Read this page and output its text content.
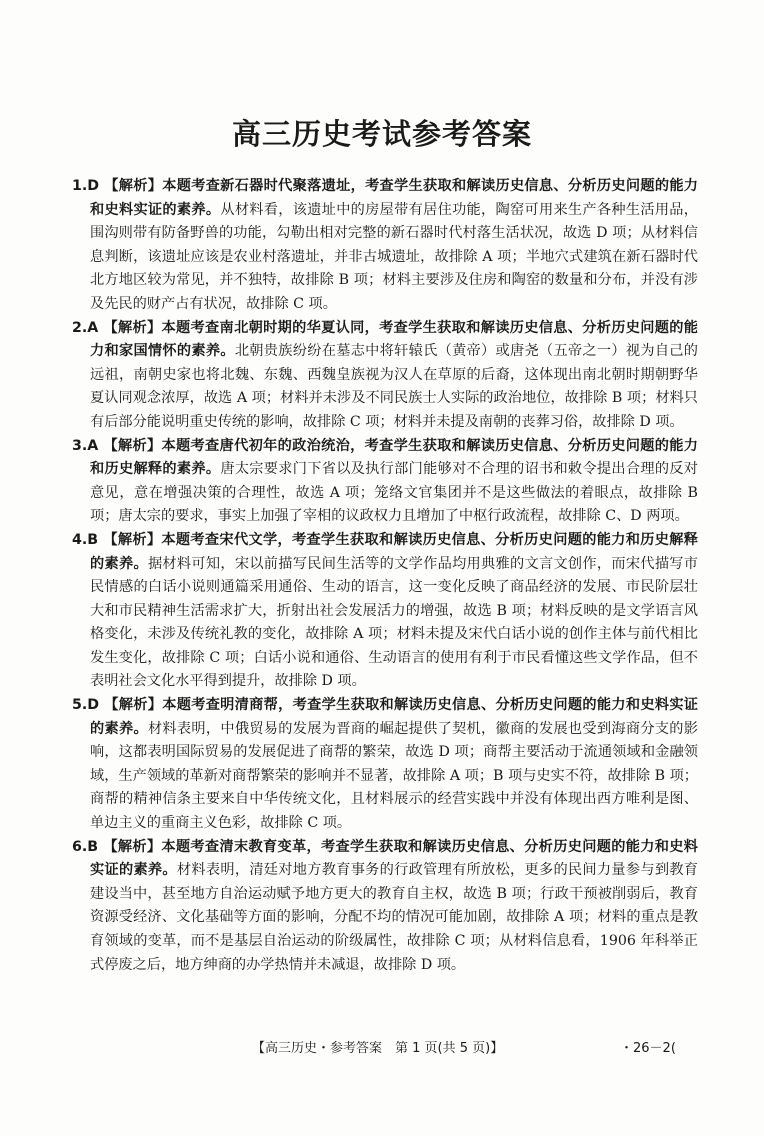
高三历史考试参考答案

1.D 【解析】本题考查新石器时代聚落遗址，考查学生获取和解读历史信息、分析历史问题的能力和史料实证的素养。从材料看，该遗址中的房屋带有居住功能，陶窑可用来生产各种生活用品，围沟则带有防备野兽的功能，勾勒出相对完整的新石器时代村落生活状况，故选 D 项；从材料信息判断，该遗址应该是农业村落遗址，并非古城遗址，故排除 A 项；半地穴式建筑在新石器时代北方地区较为常见，并不独特，故排除 B 项；材料主要涉及住房和陶窑的数量和分布，并没有涉及先民的财产占有状况，故排除 C 项。

2.A 【解析】本题考查南北朝时期的华夏认同，考查学生获取和解读历史信息、分析历史问题的能力和家国情怀的素养。北朝贵族纷纷在墓志中将轩辕氏（黄帝）或唐尧（五帝之一）视为自己的远祖，南朝史家也将北魏、东魏、西魏皇族视为汉人在草原的后裔，这体现出南北朝时期朝野华夏认同观念浓厚，故选 A 项；材料并未涉及不同民族士人实际的政治地位，故排除 B 项；材料只有后部分能说明重史传统的影响，故排除 C 项；材料并未提及南朝的丧葬习俗，故排除 D 项。

3.A 【解析】本题考查唐代初年的政治统治，考查学生获取和解读历史信息、分析历史问题的能力和历史解释的素养。唐太宗要求门下省以及执行部门能够对不合理的诏书和敕令提出合理的反对意见，意在增强决策的合理性，故选 A 项；笼络文官集团并不是这些做法的着眼点，故排除 B 项；唐太宗的要求，事实上加强了宰相的议政权力且增加了中枢行政流程，故排除 C、D 两项。

4.B 【解析】本题考查宋代文学，考查学生获取和解读历史信息、分析历史问题的能力和历史解释的素养。据材料可知，宋以前描写民间生活等的文学作品均用典雅的文言文创作，而宋代描写市民情感的白话小说则通篇采用通俗、生动的语言，这一变化反映了商品经济的发展、市民阶层壮大和市民精神生活需求扩大，折射出社会发展活力的增强，故选 B 项；材料反映的是文学语言风格变化，未涉及传统礼教的变化，故排除 A 项；材料未提及宋代白话小说的创作主体与前代相比发生变化，故排除 C 项；白话小说和通俗、生动语言的使用有利于市民看懂这些文学作品，但不表明社会文化水平得到提升，故排除 D 项。

5.D 【解析】本题考查明清商帮，考查学生获取和解读历史信息、分析历史问题的能力和史料实证的素养。材料表明，中俄贸易的发展为晋商的崛起提供了契机，徽商的发展也受到海商分支的影响，这都表明国际贸易的发展促进了商帮的繁荣，故选 D 项；商帮主要活动于流通领域和金融领域，生产领域的革新对商帮繁荣的影响并不显著，故排除 A 项；B 项与史实不符，故排除 B 项；商帮的精神信条主要来自中华传统文化，且材料展示的经营实践中并没有体现出西方唯利是图、单边主义的重商主义色彩，故排除 C 项。

6.B 【解析】本题考查清末教育变革，考查学生获取和解读历史信息、分析历史问题的能力和史料实证的素养。材料表明，清廷对地方教育事务的行政管理有所放松，更多的民间力量参与到教育建设当中，甚至地方自治运动赋予地方更大的教育自主权，故选 B 项；行政干预被削弱后，教育资源受经济、文化基础等方面的影响，分配不均的情况可能加剧，故排除 A 项；材料的重点是教育领域的变革，而不是基层自治运动的阶级属性，故排除 C 项；从材料信息看，1906 年科举正式停废之后，地方绅商的办学热情并未减退，故排除 D 项。

【高三历史・参考答案　第 1 页(共 5 页)】	・26－2(
